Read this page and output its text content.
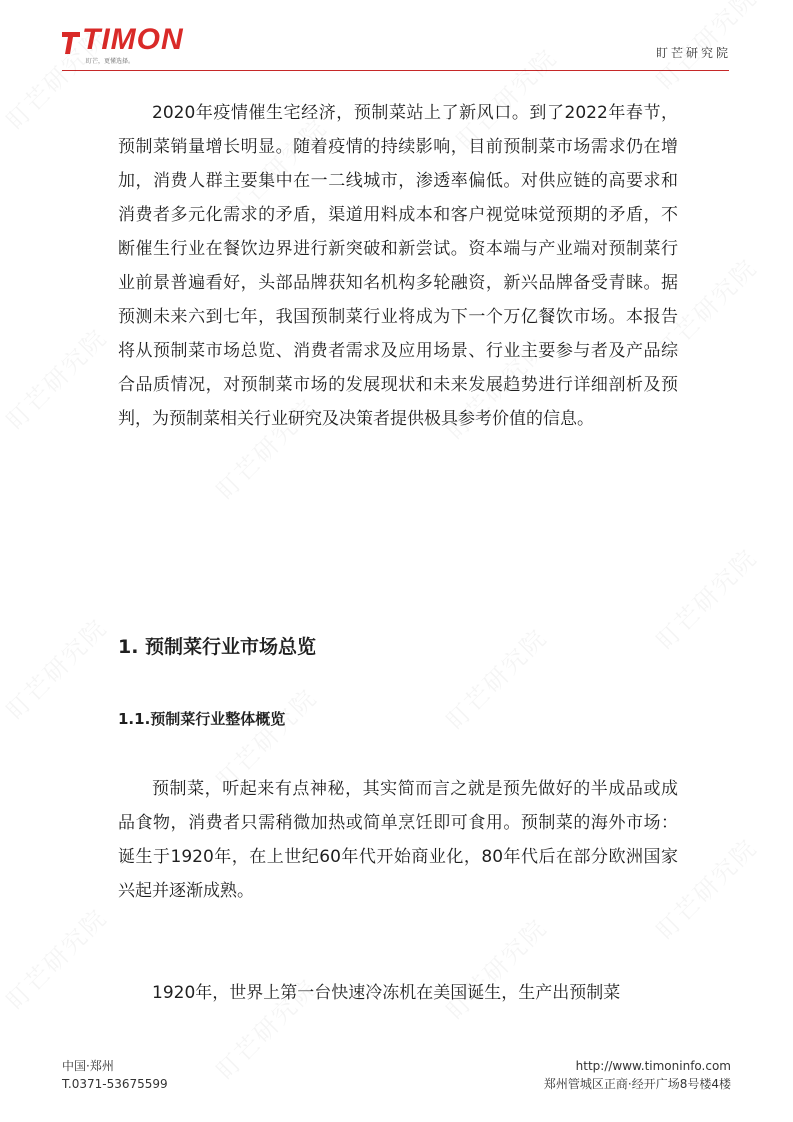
TIMON
盯芒，更懂选择。
盯芒研究院

2020年疫情催生宅经济，预制菜站上了新风口。到了2022年春节，预制菜销量增长明显。随着疫情的持续影响，目前预制菜市场需求仍在增加，消费人群主要集中在一二线城市，渗透率偏低。对供应链的高要求和消费者多元化需求的矛盾，渠道用料成本和客户视觉味觉预期的矛盾，不断催生行业在餐饮边界进行新突破和新尝试。资本端与产业端对预制菜行业前景普遍看好，头部品牌获知名机构多轮融资，新兴品牌备受青睐。据预测未来六到七年，我国预制菜行业将成为下一个万亿餐饮市场。本报告将从预制菜市场总览、消费者需求及应用场景、行业主要参与者及产品综合品质情况，对预制菜市场的发展现状和未来发展趋势进行详细剖析及预判，为预制菜相关行业研究及决策者提供极具参考价值的信息。

1. 预制菜行业市场总览
1.1.预制菜行业整体概览

预制菜，听起来有点神秘，其实简而言之就是预先做好的半成品或成品食物，消费者只需稍微加热或简单烹饪即可食用。预制菜的海外市场：诞生于1920年，在上世纪60年代开始商业化，80年代后在部分欧洲国家兴起并逐渐成熟。

1920年，世界上第一台快速冷冻机在美国诞生，生产出预制菜

中国·郑州
T.0371-53675599
http://www.timoninfo.com
郑州管城区正商·经开广场8号楼4楼
